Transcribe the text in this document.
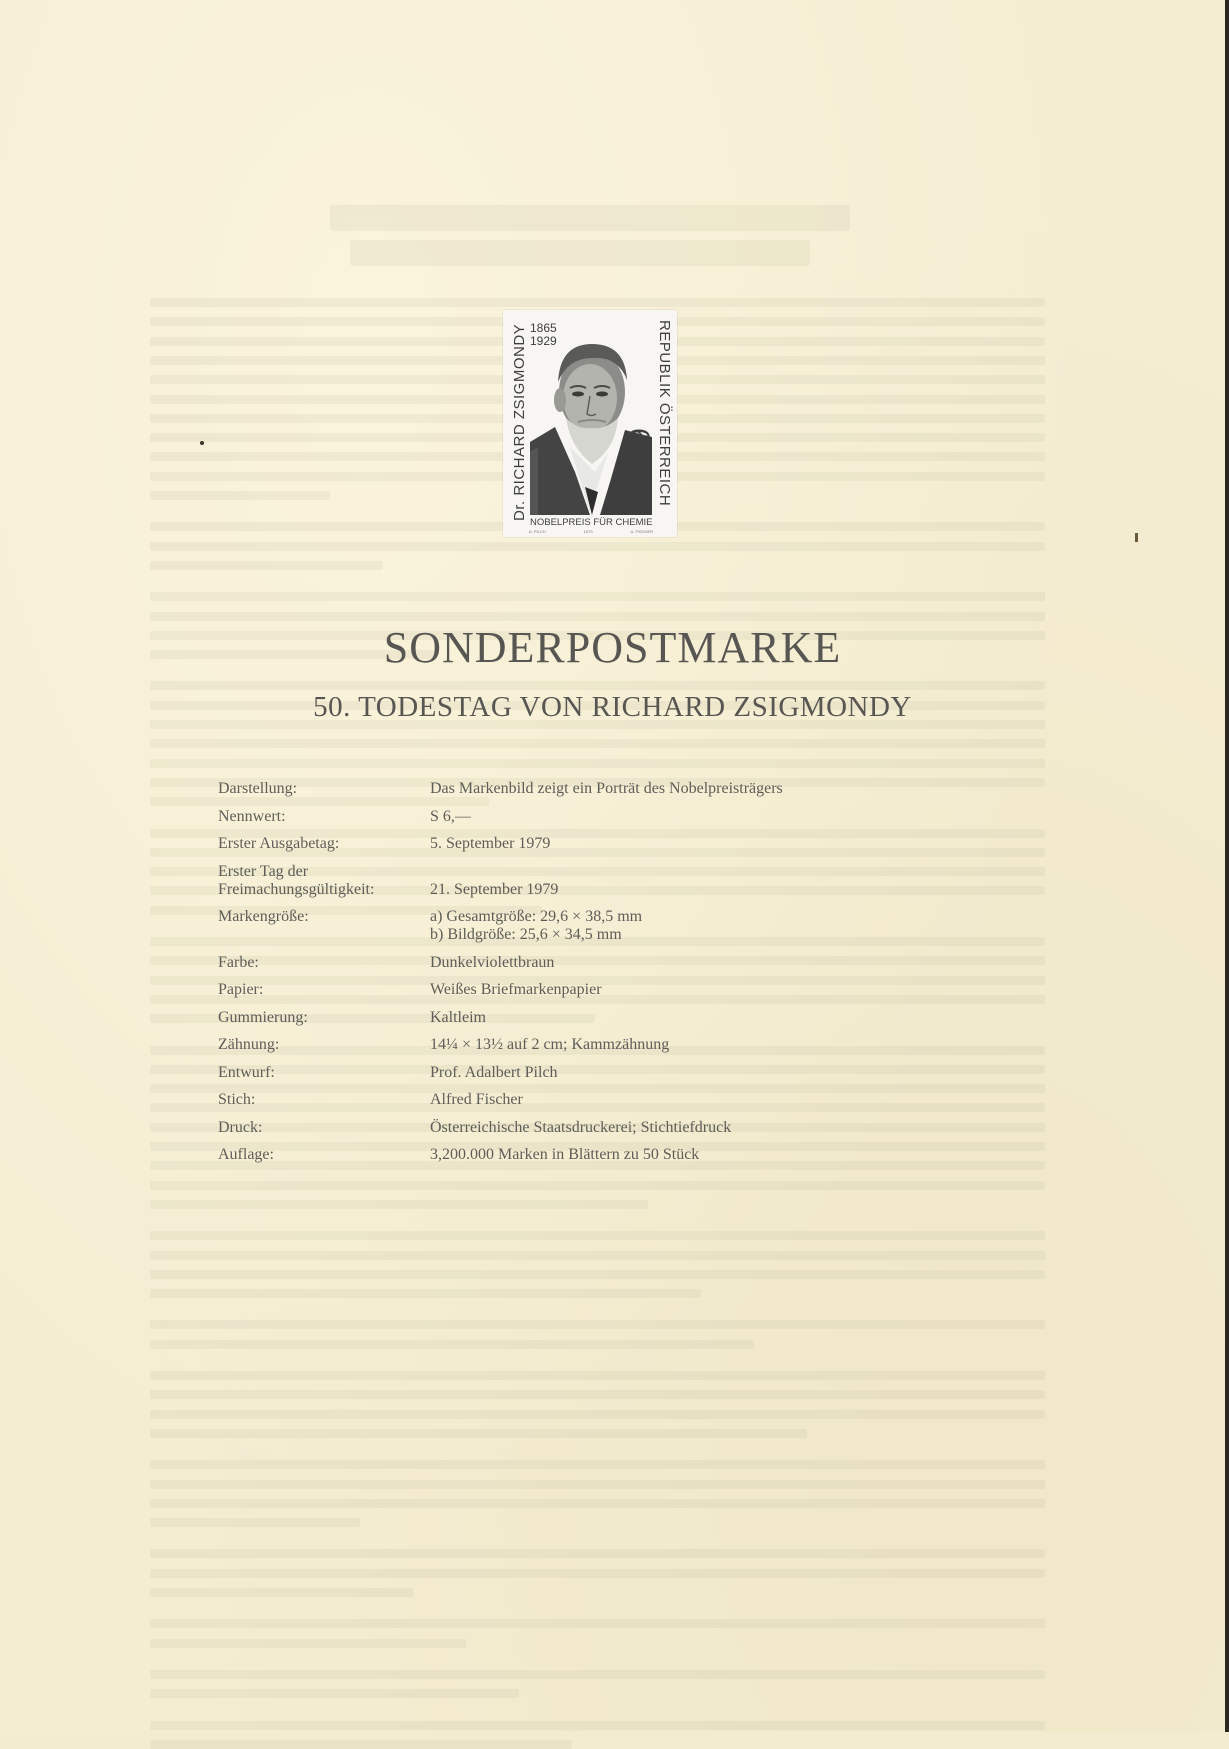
1865
1929
Dr. RICHARD ZSIGMONDY	REPUBLIK ÖSTERREICH
6S
NOBELPREIS FÜR CHEMIE
A. PILCH	1979	A. FISCHER
SONDERPOSTMARKE
50. TODESTAG VON RICHARD ZSIGMONDY
Darstellung:	Das Markenbild zeigt ein Porträt des Nobelpreisträgers
Nennwert:	S 6,—
Erster Ausgabetag:	5. September 1979
Erster Tag der
Freimachungsgültigkeit:	21. September 1979
Markengröße:	a) Gesamtgröße: 29,6 × 38,5 mm
b) Bildgröße: 25,6 × 34,5 mm
Farbe:	Dunkelviolettbraun
Papier:	Weißes Briefmarkenpapier
Gummierung:	Kaltleim
Zähnung:	14¼ × 13½ auf 2 cm; Kammzähnung
Entwurf:	Prof. Adalbert Pilch
Stich:	Alfred Fischer
Druck:	Österreichische Staatsdruckerei; Stichtiefdruck
Auflage:	3,200.000 Marken in Blättern zu 50 Stück
